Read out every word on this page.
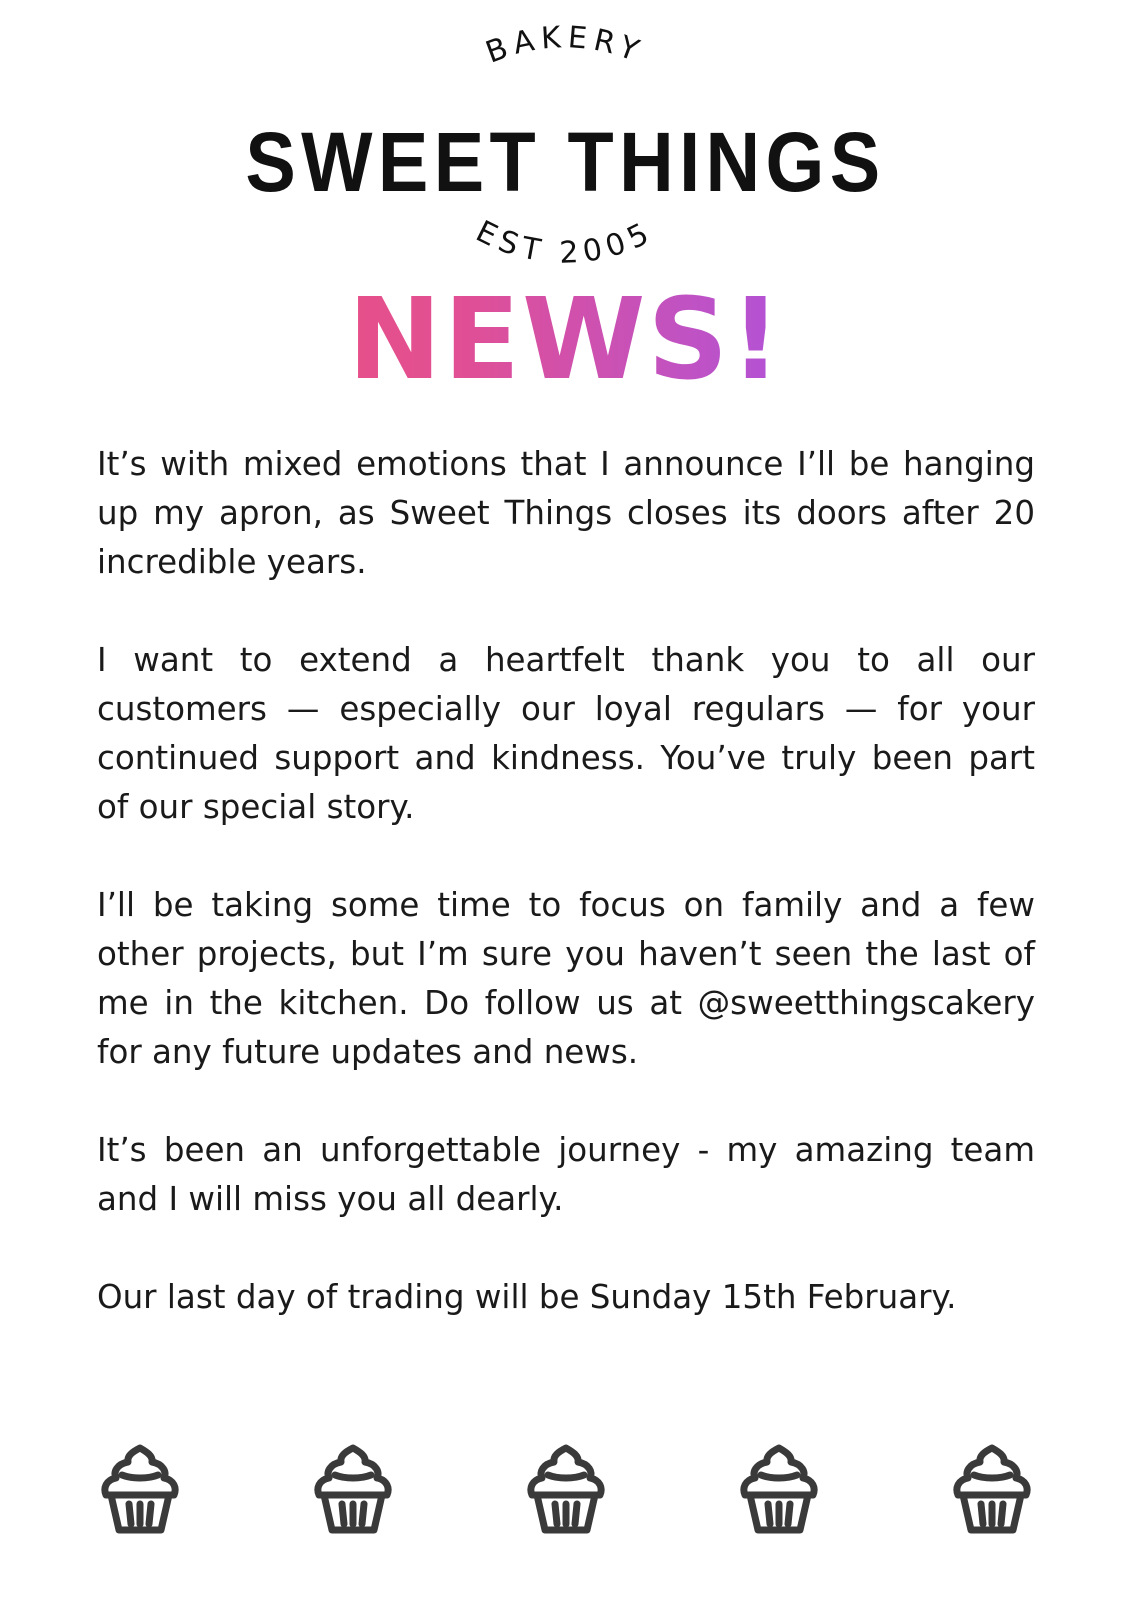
BAKERY
EST 2005
SWEET THINGS
NEWS!

It’s with mixed emotions that I announce I’ll be hanging up my apron, as Sweet Things closes its doors after 20 incredible years.

I want to extend a heartfelt thank you to all our customers — especially our loyal regulars — for your continued support and kindness. You’ve truly been part of our special story.

I’ll be taking some time to focus on family and a few other projects, but I’m sure you haven’t seen the last of me in the kitchen. Do follow us at @sweetthingscakery for any future updates and news.

It’s been an unforgettable journey - my amazing team and I will miss you all dearly.

Our last day of trading will be Sunday 15th February.
